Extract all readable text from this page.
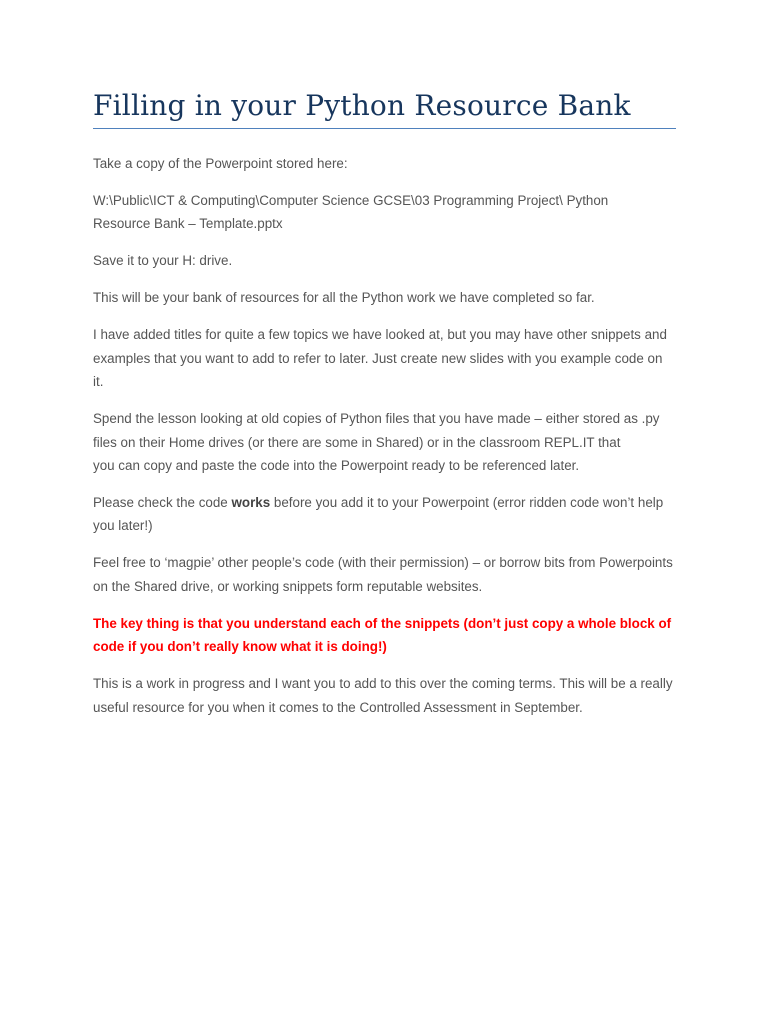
Filling in your Python Resource Bank

Take a copy of the Powerpoint stored here:

W:\Public\ICT & Computing\Computer Science GCSE\03 Programming Project\ Python
Resource Bank – Template.pptx

Save it to your H: drive.

This will be your bank of resources for all the Python work we have completed so far.

I have added titles for quite a few topics we have looked at, but you may have other snippets and examples that you want to add to refer to later. Just create new slides with you example code on it.

Spend the lesson looking at old copies of Python files that you have made – either stored as .py
files on their Home drives (or there are some in Shared) or in the classroom REPL.IT that
you can copy and paste the code into the Powerpoint ready to be referenced later.

Please check the code works before you add it to your Powerpoint (error ridden code won’t help you later!)

Feel free to ‘magpie’ other people’s code (with their permission) – or borrow bits from Powerpoints on the Shared drive, or working snippets form reputable websites.

The key thing is that you understand each of the snippets (don’t just copy a whole block of code if you don’t really know what it is doing!)

This is a work in progress and I want you to add to this over the coming terms. This will be a really useful resource for you when it comes to the Controlled Assessment in September.
